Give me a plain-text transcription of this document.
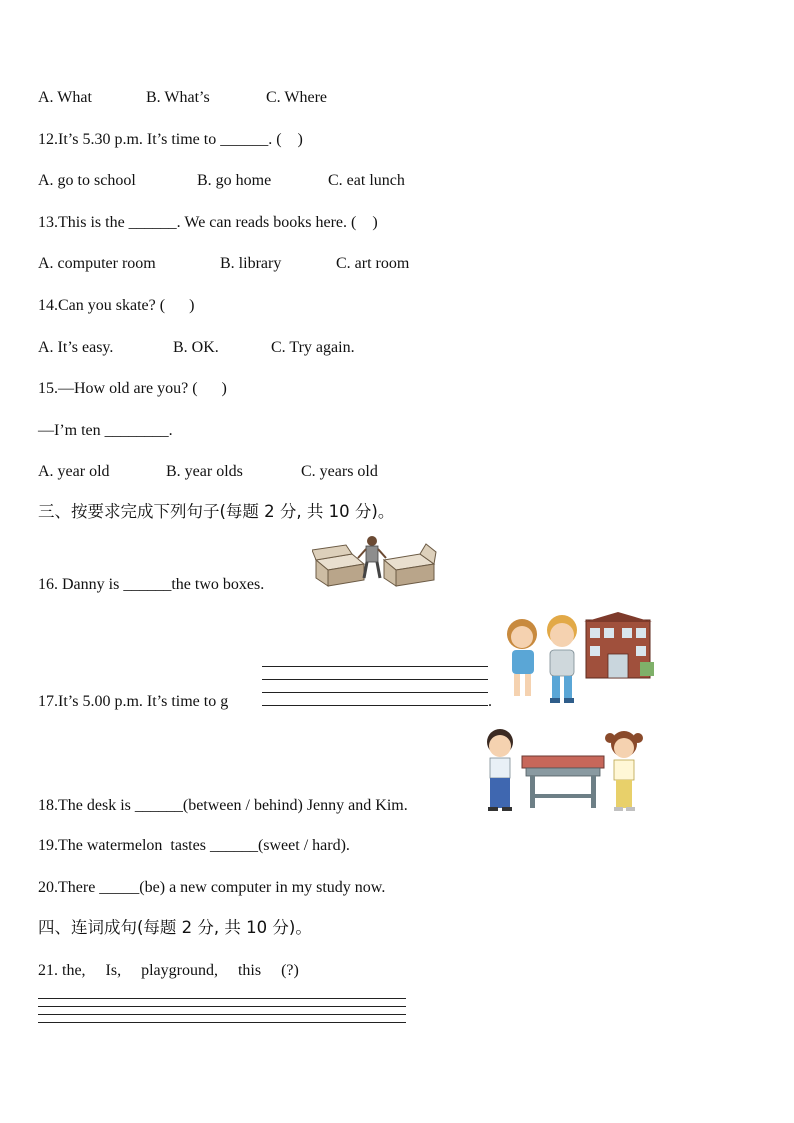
A. What	B. What’s	C. Where
12.It’s 5.30 p.m. It’s time to ______. (    )
A. go to school	B. go home	C. eat lunch
13.This is the ______. We can reads books here. (    )
A. computer room	B. library	C. art room
14.Can you skate? (      )
A. It’s easy.	B. OK.	C. Try again.
15.—How old are you? (      )
—I’m ten ________.
A. year old	B. year olds	C. years old
三、按要求完成下列句子(每题 2 分, 共 10 分)。
16. Danny is ______the two boxes.
17.It’s 5.00 p.m. It’s time to g	.
18.The desk is ______(between / behind) Jenny and Kim.
19.The watermelon  tastes ______(sweet / hard).
20.There _____(be) a new computer in my study now.
四、连词成句(每题 2 分, 共 10 分)。
21. the,     Is,     playground,     this     (?)
